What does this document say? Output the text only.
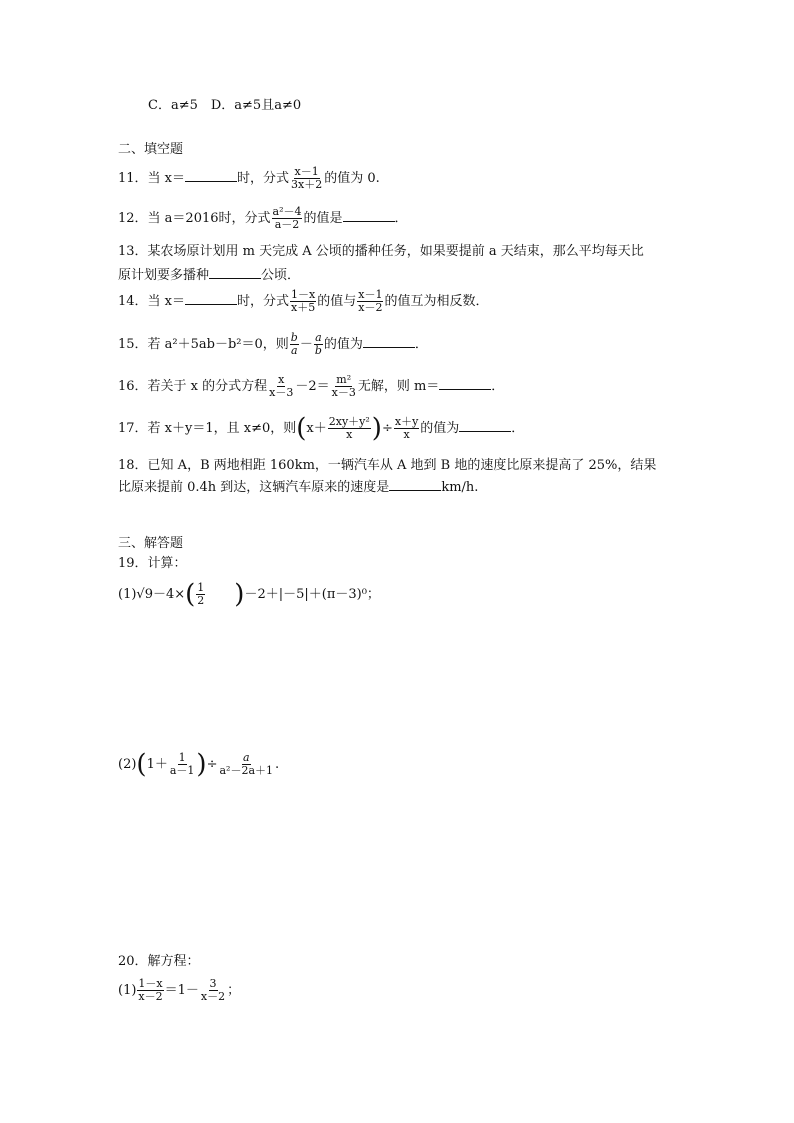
C．a≠5　D．a≠5且a≠0
二、填空题
11．当 x＝	时，分式 $\frac{x-1}{3x+2}$ 的值为 0.
12．当 a＝2016时，分式 $\frac{\text{a²－4}}{a-2}$ 的值是	．
13．某农场原计划用 m 天完成 A 公顷的播种任务，如果要提前 a 天结束，那么平均每天比
原计划要多播种	公顷．
14．当 x＝	时，分式 $\frac{1-x}{x+5}$ 的值与 $\frac{x-1}{x-2}$ 的值互为相反数．
15．若 a²＋5ab－b²＝0，则 $\frac{b}{a} - \frac{a}{b}$ 的值为	．
16．若关于 x 的分式方程 $\frac{x}{x-3} -2= \frac{\text{m²}}{x-3}$ 无解，则 m＝	．
17．若 x＋y＝1，且 x≠0，则($x+ \frac{\text{2xy＋y²}}{x}$ )÷ $\frac{x+y}{x}$ 的值为	．
18．已知 A，B 两地相距 160km，一辆汽车从 A 地到 B 地的速度比原来提高了 25%，结果
比原来提前 0.4h 到达，这辆汽车原来的速度是	km/h.
三、解答题
19．计算：
$(1)√9-4\times( \frac{1}{2} )-2+|-5|+(\pi-3)^0$；
$(2)(1+ \frac{1}{a-1}$ )÷ $\frac{a}{\text{a²－2a＋1}}$ .
20．解方程：
$(1) \frac{1-x}{x-2} =1- \frac{3}{x-2}$ ；
